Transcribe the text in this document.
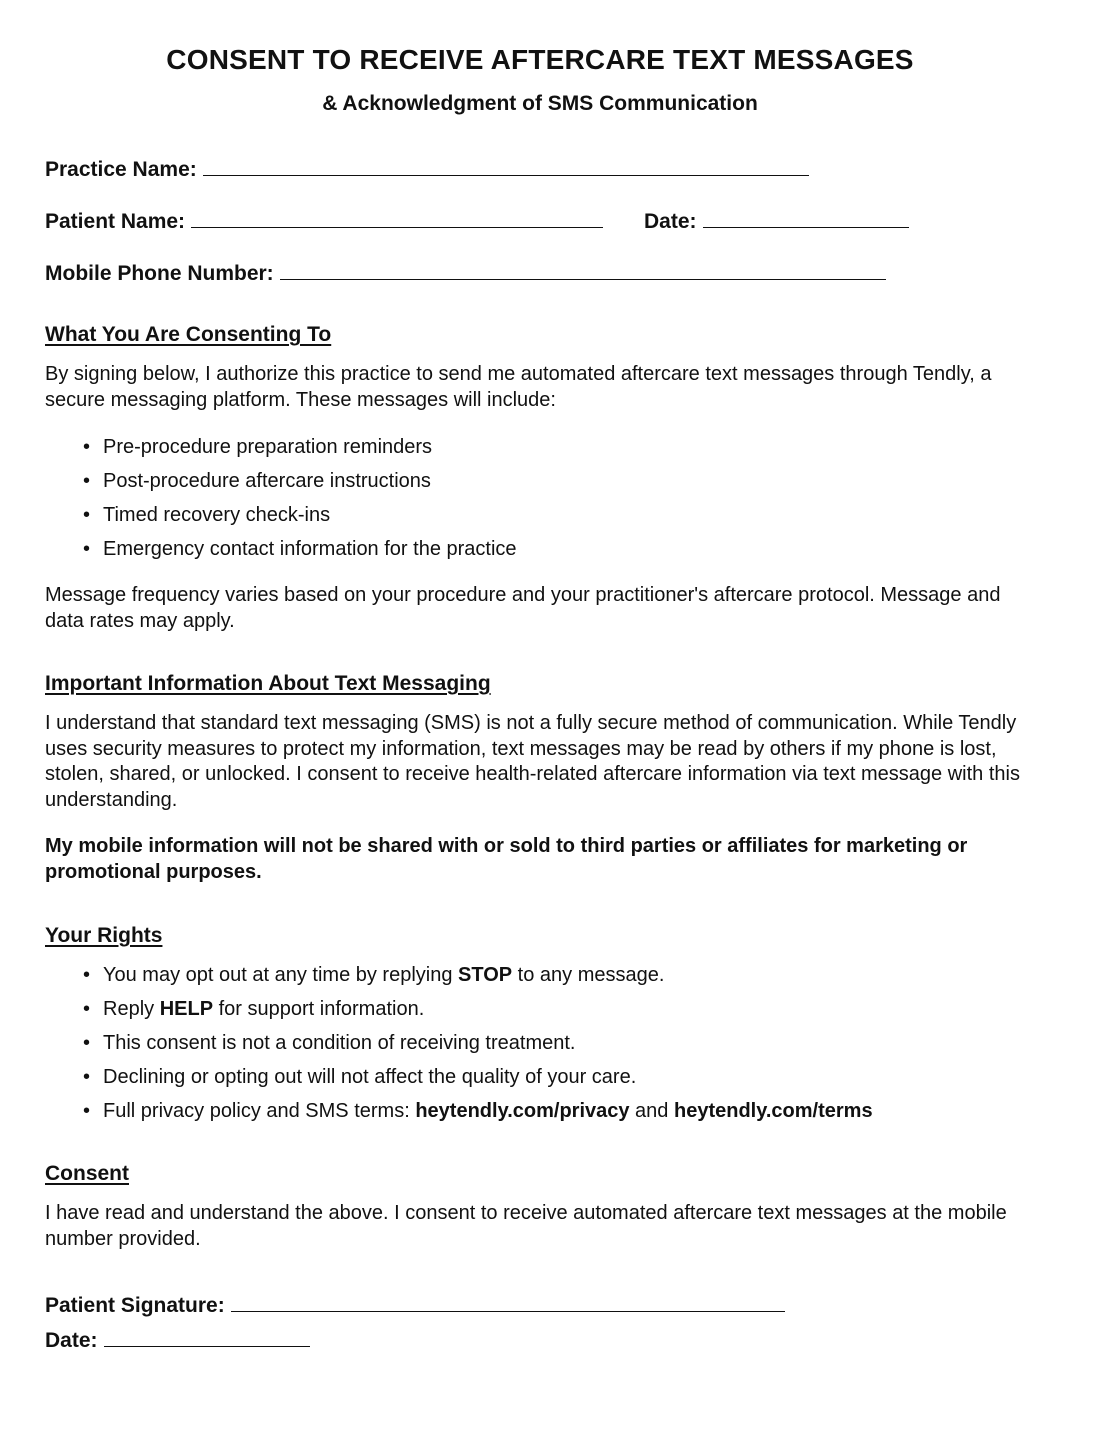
CONSENT TO RECEIVE AFTERCARE TEXT MESSAGES
& Acknowledgment of SMS Communication
Practice Name:
Patient Name:	Date:
Mobile Phone Number:
What You Are Consenting To
By signing below, I authorize this practice to send me automated aftercare text messages through Tendly, a secure messaging platform. These messages will include:
• Pre-procedure preparation reminders
• Post-procedure aftercare instructions
• Timed recovery check-ins
• Emergency contact information for the practice
Message frequency varies based on your procedure and your practitioner's aftercare protocol. Message and data rates may apply.
Important Information About Text Messaging
I understand that standard text messaging (SMS) is not a fully secure method of communication. While Tendly uses security measures to protect my information, text messages may be read by others if my phone is lost, stolen, shared, or unlocked. I consent to receive health-related aftercare information via text message with this understanding.
My mobile information will not be shared with or sold to third parties or affiliates for marketing or promotional purposes.
Your Rights
• You may opt out at any time by replying STOP to any message.
• Reply HELP for support information.
• This consent is not a condition of receiving treatment.
• Declining or opting out will not affect the quality of your care.
• Full privacy policy and SMS terms: heytendly.com/privacy and heytendly.com/terms
Consent
I have read and understand the above. I consent to receive automated aftercare text messages at the mobile number provided.
Patient Signature:
Date:
